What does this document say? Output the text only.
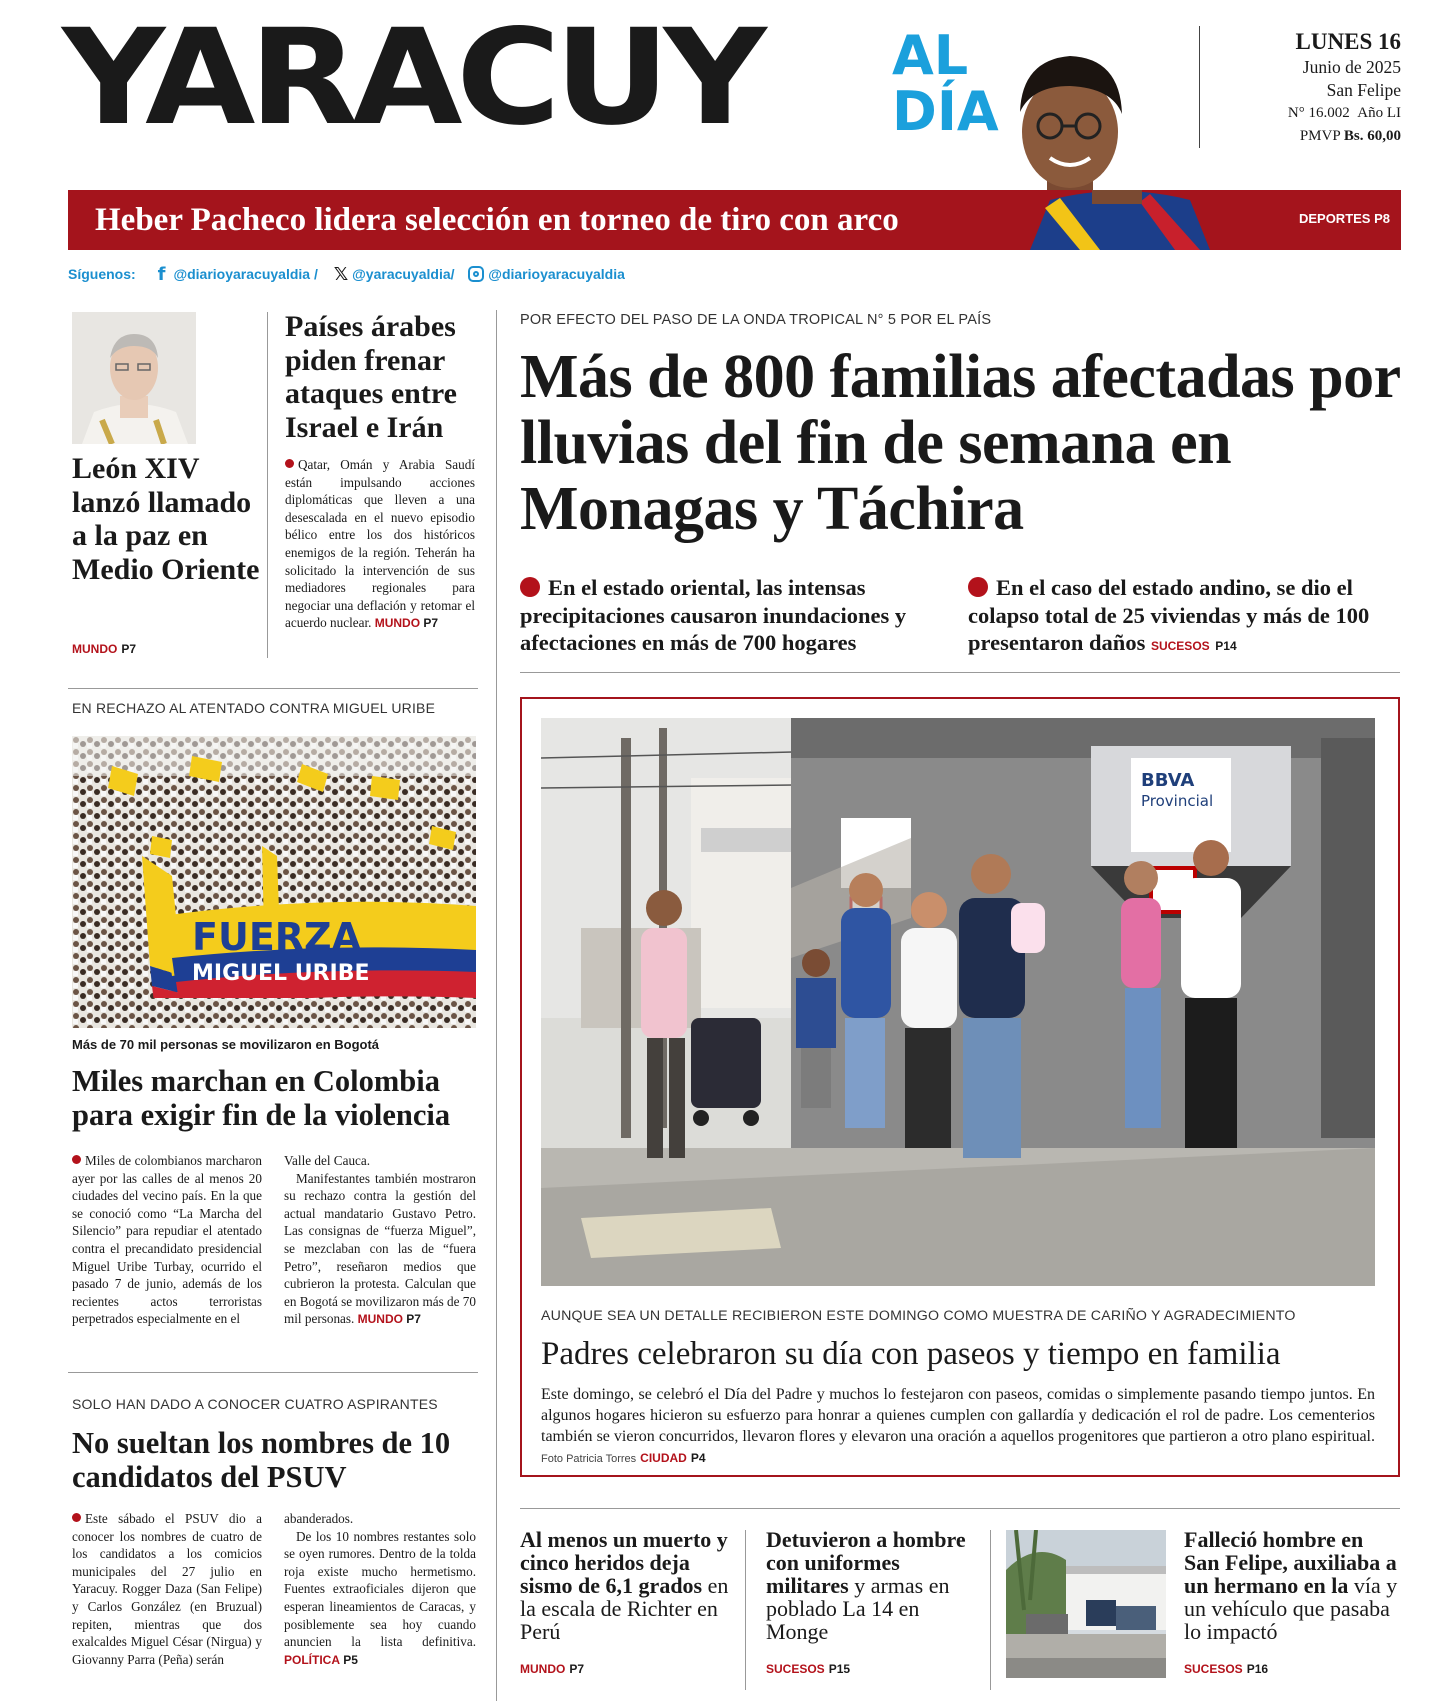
YARACUY AL
DÍA
LUNES 16
Junio de 2025
San Felipe
N° 16.002 Año LI
PMVP Bs. 60,00
Heber Pacheco lidera selección en torneo de tiro con arco	DEPORTES P8
Síguenos: f @diarioyaracuyaldia / 𝕏 @yaracuyaldia/ @diarioyaracuyaldia
León XIV lanzó llamado a la paz en Medio Oriente
MUNDO P7
Países árabes piden frenar ataques entre Israel e Irán
Qatar, Omán y Arabia Saudí están impulsando acciones diplomáticas que lleven a una desescalada en el nuevo episodio bélico entre los dos históricos enemigos de la región. Teherán ha solicitado la intervención de sus mediadores regionales para negociar una deflación y retomar el acuerdo nuclear. MUNDO P7
POR EFECTO DEL PASO DE LA ONDA TROPICAL N° 5 POR EL PAÍS
Más de 800 familias afectadas por lluvias del fin de semana en Monagas y Táchira
En el estado oriental, las intensas precipitaciones causaron inundaciones y afectaciones en más de 700 hogares
En el caso del estado andino, se dio el colapso total de 25 viviendas y más de 100 presentaron daños SUCESOS P14
EN RECHAZO AL ATENTADO CONTRA MIGUEL URIBE
FUERZA
MIGUEL URIBE
Más de 70 mil personas se movilizaron en Bogotá
Miles marchan en Colombia para exigir fin de la violencia
Miles de colombianos marcharon ayer por las calles de al menos 20 ciudades del vecino país. En la que se conoció como “La Marcha del Silencio” para repudiar el atentado contra el precandidato presidencial Miguel Uribe Turbay, ocurrido el pasado 7 de junio, además de los recientes actos terroristas perpetrados especialmente en el
Valle del Cauca.
Manifestantes también mostraron su rechazo contra la gestión del actual mandatario Gustavo Petro. Las consignas de “fuerza Miguel”, se mezclaban con las de “fuera Petro”, reseñaron medios que cubrieron la protesta. Calculan que en Bogotá se movilizaron más de 70 mil personas. MUNDO P7
SOLO HAN DADO A CONOCER CUATRO ASPIRANTES
No sueltan los nombres de 10 candidatos del PSUV
Este sábado el PSUV dio a conocer los nombres de cuatro de los candidatos a los comicios municipales del 27 julio en Yaracuy. Rogger Daza (San Felipe) y Carlos González (en Bruzual) repiten, mientras que dos exalcaldes Miguel César (Nirgua) y Giovanny Parra (Peña) serán
abanderados.
De los 10 nombres restantes solo se oyen rumores. Dentro de la tolda roja existe mucho hermetismo. Fuentes extraoficiales dijeron que esperan lineamientos de Caracas, y posiblemente sea hoy cuando anuncien la lista definitiva. POLÍTICA P5
BBVA
Provincial
AUNQUE SEA UN DETALLE RECIBIERON ESTE DOMINGO COMO MUESTRA DE CARIÑO Y AGRADECIMIENTO
Padres celebraron su día con paseos y tiempo en familia
Este domingo, se celebró el Día del Padre y muchos lo festejaron con paseos, comidas o simplemente pasando tiempo juntos. En algunos hogares hicieron su esfuerzo para honrar a quienes cumplen con gallardía y dedicación el rol de padre. Los cementerios también se vieron concurridos, llevaron flores y elevaron una oración a aquellos progenitores que partieron a otro plano espiritual. Foto Patricia Torres CIUDAD P4
Al menos un muerto y cinco heridos deja sismo de 6,1 grados en la escala de Richter en Perú
MUNDO P7
Detuvieron a hombre con uniformes militares y armas en poblado La 14 en Monge
SUCESOS P15
Falleció hombre en San Felipe, auxiliaba a un hermano en la vía y un vehículo que pasaba lo impactó
SUCESOS P16
